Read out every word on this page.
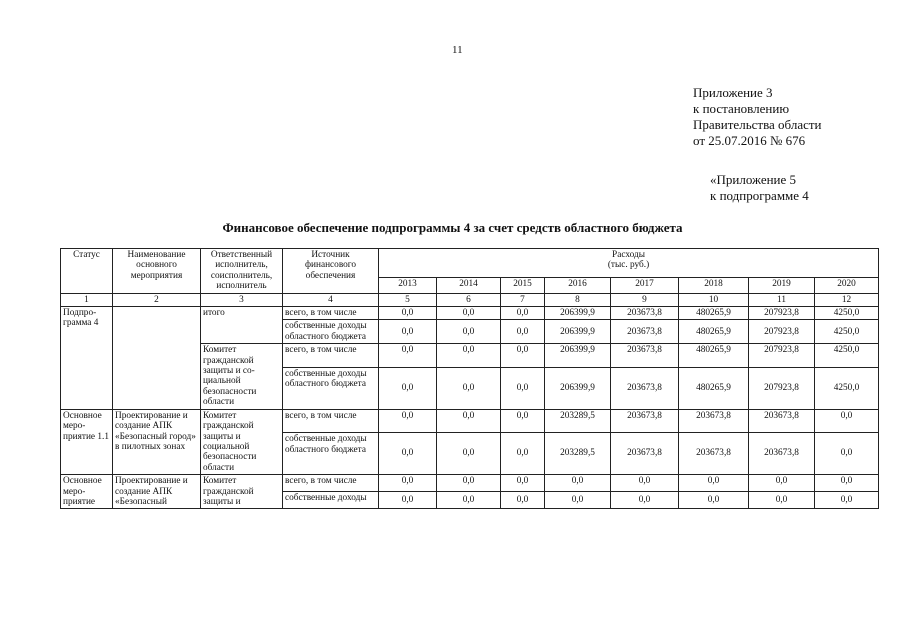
11
Приложение 3
к постановлению
Правительства области
от 25.07.2016 № 676
«Приложение 5
к подпрограмме 4
Финансовое обеспечение подпрограммы 4 за счет средств областного бюджета
Статус	Наименование основного мероприятия	Ответственный исполнитель, соисполнитель, исполнитель	Источник финансового обеспечения	Расходы
(тыс. руб.)							

				2013	2014	2015	2016	2017	2018	2019	2020
1	2	3	4	5	6	7	8	9	10	11	12
Подпро-грамма 4		итого	всего, в том числе	0,0	0,0	0,0	206399,9	203673,8	480265,9	207923,8	4250,0
			собственные доходы областного бюджета	0,0	0,0	0,0	206399,9	203673,8	480265,9	207923,8	4250,0
		Комитет гражданской защиты и со-циальной безопасности области	всего, в том числе	0,0	0,0	0,0	206399,9	203673,8	480265,9	207923,8	4250,0
			собственные доходы областного бюджета	0,0	0,0	0,0	206399,9	203673,8	480265,9	207923,8	4250,0
Основное меро-приятие 1.1	Проектирование и создание АПК «Безопасный город» в пилотных зонах	Комитет гражданской защиты и социальной безопасности области	всего, в том числе	0,0	0,0	0,0	203289,5	203673,8	203673,8	203673,8	0,0
			собственные доходы областного бюджета	0,0	0,0	0,0	203289,5	203673,8	203673,8	203673,8	0,0
Основное меро-приятие	Проектирование и создание АПК «Безопасный	Комитет гражданской защиты и	всего, в том числе	0,0	0,0	0,0	0,0	0,0	0,0	0,0	0,0
			собственные доходы	0,0	0,0	0,0	0,0	0,0	0,0	0,0	0,0
